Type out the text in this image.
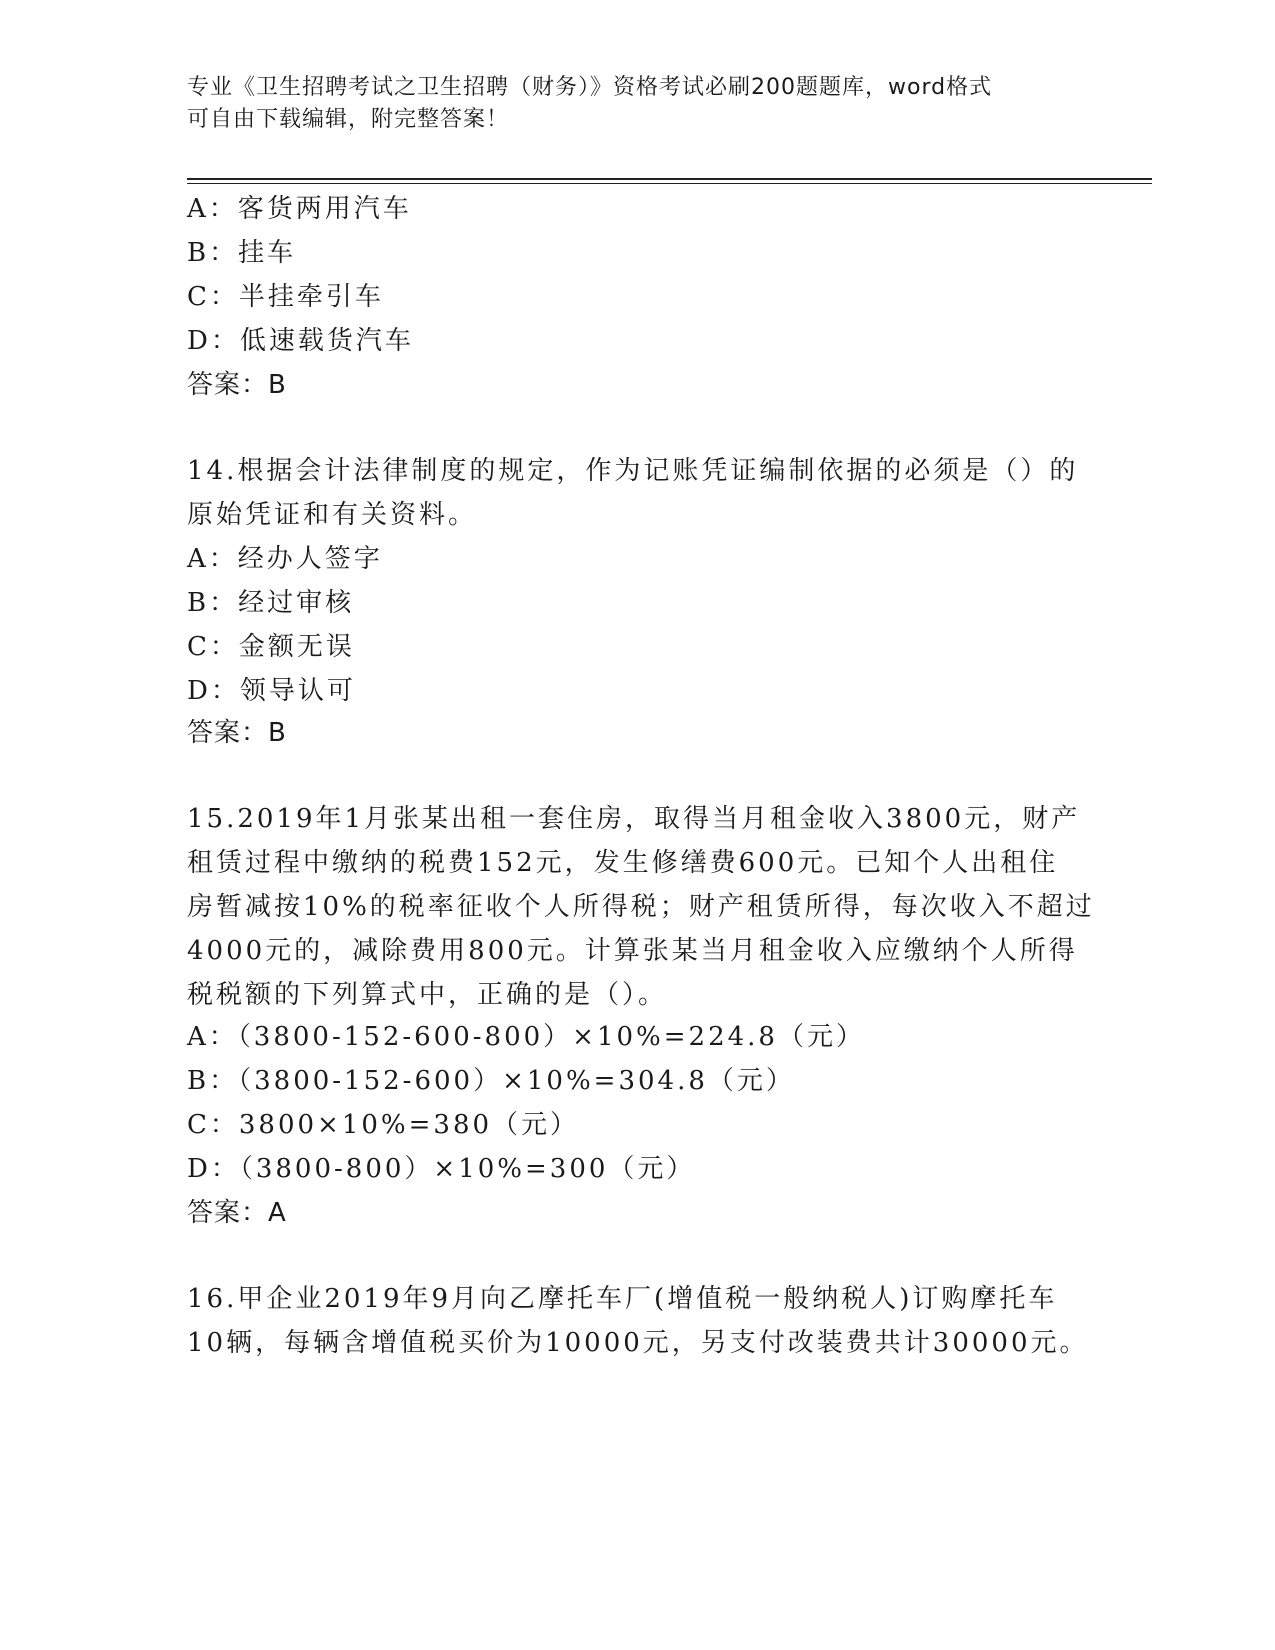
专业《卫生招聘考试之卫生招聘（财务）》资格考试必刷200题题库，word格式
可自由下载编辑，附完整答案！
A：客货两用汽车
B：挂车
C：半挂牵引车
D：低速载货汽车
答案：B
14.根据会计法律制度的规定，作为记账凭证编制依据的必须是（）的
原始凭证和有关资料。
A：经办人签字
B：经过审核
C：金额无误
D：领导认可
答案：B
15.2019年1月张某出租一套住房，取得当月租金收入3800元，财产
租赁过程中缴纳的税费152元，发生修缮费600元。已知个人出租住
房暂减按10%的税率征收个人所得税；财产租赁所得，每次收入不超过
4000元的，减除费用800元。计算张某当月租金收入应缴纳个人所得
税税额的下列算式中，正确的是（）。
A：（3800-152-600-800）×10%=224.8（元）
B：（3800-152-600）×10%=304.8（元）
C：3800×10%=380（元）
D：（3800-800）×10%=300（元）
答案：A
16.甲企业2019年9月向乙摩托车厂(增值税一般纳税人)订购摩托车
10辆，每辆含增值税买价为10000元，另支付改装费共计30000元。
